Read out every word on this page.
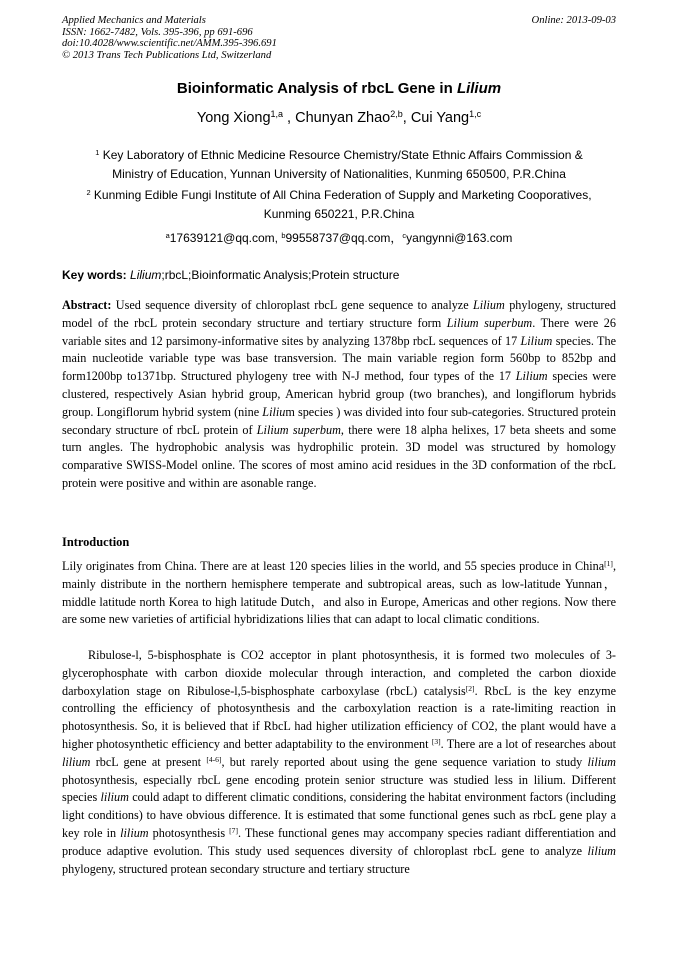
Applied Mechanics and Materials
ISSN: 1662-7482, Vols. 395-396, pp 691-696
doi:10.4028/www.scientific.net/AMM.395-396.691
© 2013 Trans Tech Publications Ltd, Switzerland
Online: 2013-09-03
Bioinformatic Analysis of rbcL Gene in Lilium
Yong Xiong$^{1,a}$ , Chunyan Zhao$^{2,b}$, Cui Yang$^{1,c}$
$^1$ Key Laboratory of Ethnic Medicine Resource Chemistry/State Ethnic Affairs Commission &
Ministry of Education, Yunnan University of Nationalities, Kunming 650500, P.R.China
$^2$ Kunming Edible Fungi Institute of All China Federation of Supply and Marketing Cooporatives,
Kunming 650221, P.R.China
$^a$17639121@qq.com, $^b$99558737@qq.com，$^c$yangynni@163.com
Key words: Lilium;rbcL;Bioinformatic Analysis;Protein structure
Abstract: Used sequence diversity of chloroplast rbcL gene sequence to analyze Lilium phylogeny, structured model of the rbcL protein secondary structure and tertiary structure form Lilium superbum. There were 26 variable sites and 12 parsimony-informative sites by analyzing 1378bp rbcL sequences of 17 Lilium species. The main nucleotide variable type was base transversion. The main variable region form 560bp to 852bp and form1200bp to1371bp. Structured phylogeny tree with N-J method, four types of the 17 Lilium species were clustered, respectively Asian hybrid group, American hybrid group (two branches), and longiflorum hybrids group. Longiflorum hybrid system (nine Lilium species ) was divided into four sub-categories. Structured protein secondary structure of rbcL protein of Lilium superbum, there were 18 alpha helixes, 17 beta sheets and some turn angles. The hydrophobic analysis was hydrophilic protein. 3D model was structured by homology comparative SWISS-Model online. The scores of most amino acid residues in the 3D conformation of the rbcL protein were positive and within are asonable range.
Introduction
Lily originates from China. There are at least 120 species lilies in the world, and 55 species produce in China[1], mainly distribute in the northern hemisphere temperate and subtropical areas, such as low-latitude Yunnan，middle latitude north Korea to high latitude Dutch，and also in Europe, Americas and other regions. Now there are some new varieties of artificial hybridizations lilies that can adapt to local climatic conditions.
Ribulose-l, 5-bisphosphate is CO2 acceptor in plant photosynthesis, it is formed two molecules of 3-glycerophosphate with carbon dioxide molecular through interaction, and completed the carbon dioxide darboxylation stage on Ribulose-l,5-bisphosphate carboxylase (rbcL) catalysis[2]. RbcL is the key enzyme controlling the efficiency of photosynthesis and the carboxylation reaction is a rate-limiting reaction in photosynthesis. So, it is believed that if RbcL had higher utilization efficiency of CO2, the plant would have a higher photosynthetic efficiency and better adaptability to the environment [3]. There are a lot of researches about lilium rbcL gene at present [4-6], but rarely reported about using the gene sequence variation to study lilium photosynthesis, especially rbcL gene encoding protein senior structure was studied less in lilium. Different species lilium could adapt to different climatic conditions, considering the habitat environment factors (including light conditions) to have obvious difference. It is estimated that some functional genes such as rbcL gene play a key role in lilium photosynthesis [7]. These functional genes may accompany species radiant differentiation and produce adaptive evolution. This study used sequences diversity of chloroplast rbcL gene to analyze lilium phylogeny, structured protean secondary structure and tertiary structure
